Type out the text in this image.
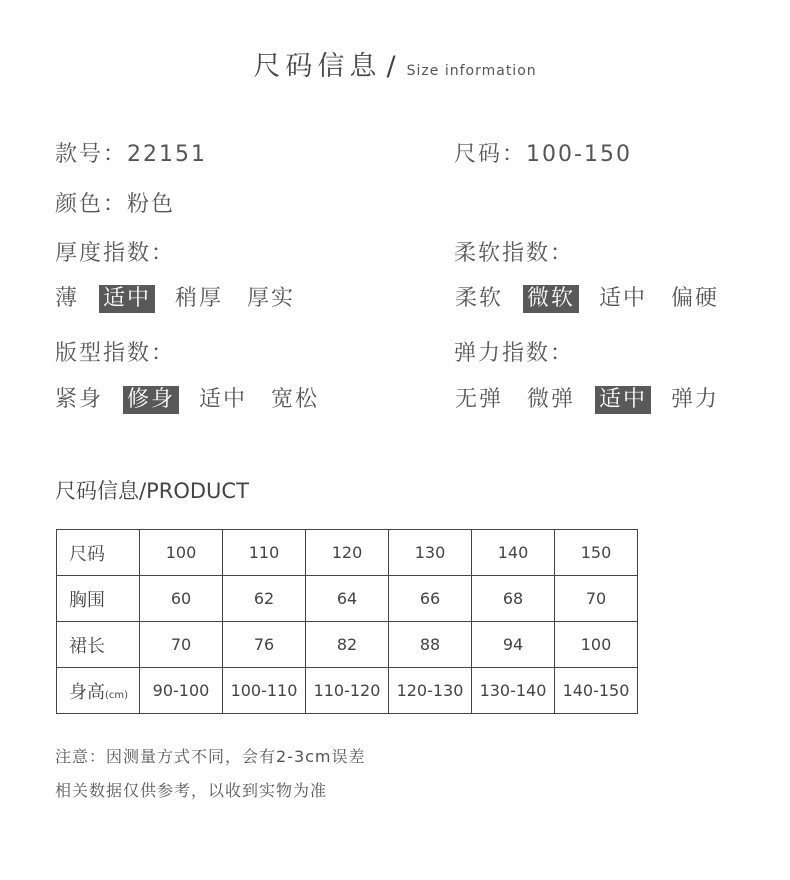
尺码信息 / Size information
款号：22151	尺码：100-150
颜色：粉色
厚度指数：	柔软指数：
薄 适中 稍厚 厚实	柔软 微软 适中 偏硬
版型指数：	弹力指数：
紧身 修身 适中 宽松	无弹 微弹 适中 弹力
尺码信息/PRODUCT
尺码	100	110	120	130	140	150
胸围	60	62	64	66	68	70
裙长	70	76	82	88	94	100
身高(cm)	90-100	100-110	110-120	120-130	130-140	140-150
注意：因测量方式不同，会有2-3cm误差
相关数据仅供参考，以收到实物为准
